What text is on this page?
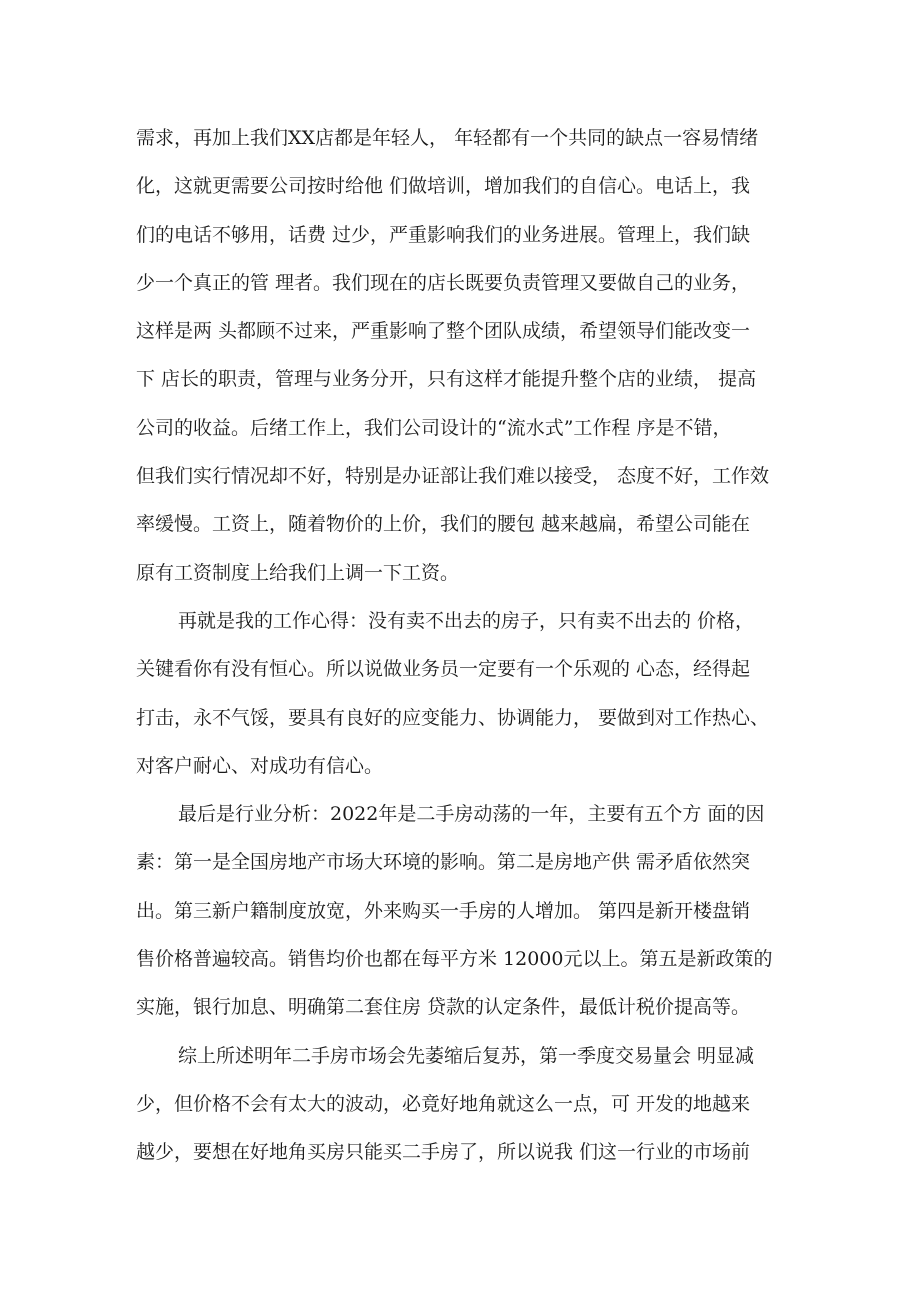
需求，再加上我们XX店都是年轻人， 年轻都有一个共同的缺点一容易情绪
化，这就更需要公司按时给他 们做培训，增加我们的自信心。电话上，我
们的电话不够用，话费 过少，严重影响我们的业务进展。管理上，我们缺
少一个真正的管 理者。我们现在的店长既要负责管理又要做自己的业务，
这样是两 头都顾不过来，严重影响了整个团队成绩，希望领导们能改变一
下 店长的职责，管理与业务分开，只有这样才能提升整个店的业绩， 提高
公司的收益。后绪工作上，我们公司设计的“流水式”工作程 序是不错，
但我们实行情况却不好，特别是办证部让我们难以接受， 态度不好，工作效
率缓慢。工资上，随着物价的上价，我们的腰包 越来越扁，希望公司能在
原有工资制度上给我们上调一下工资。
再就是我的工作心得：没有卖不出去的房子，只有卖不出去的 价格，
关键看你有没有恒心。所以说做业务员一定要有一个乐观的 心态，经得起
打击，永不气馁，要具有良好的应变能力、协调能力， 要做到对工作热心、
对客户耐心、对成功有信心。
最后是行业分析：2022年是二手房动荡的一年，主要有五个方 面的因
素：第一是全国房地产市场大环境的影响。第二是房地产供 需矛盾依然突
出。第三新户籍制度放宽，外来购买一手房的人增加。 第四是新开楼盘销
售价格普遍较高。销售均价也都在每平方米 12000元以上。第五是新政策的
实施，银行加息、明确第二套住房 贷款的认定条件，最低计税价提高等。
综上所述明年二手房市场会先萎缩后复苏，第一季度交易量会 明显减
少，但价格不会有太大的波动，必竟好地角就这么一点，可 开发的地越来
越少，要想在好地角买房只能买二手房了，所以说我 们这一行业的市场前
